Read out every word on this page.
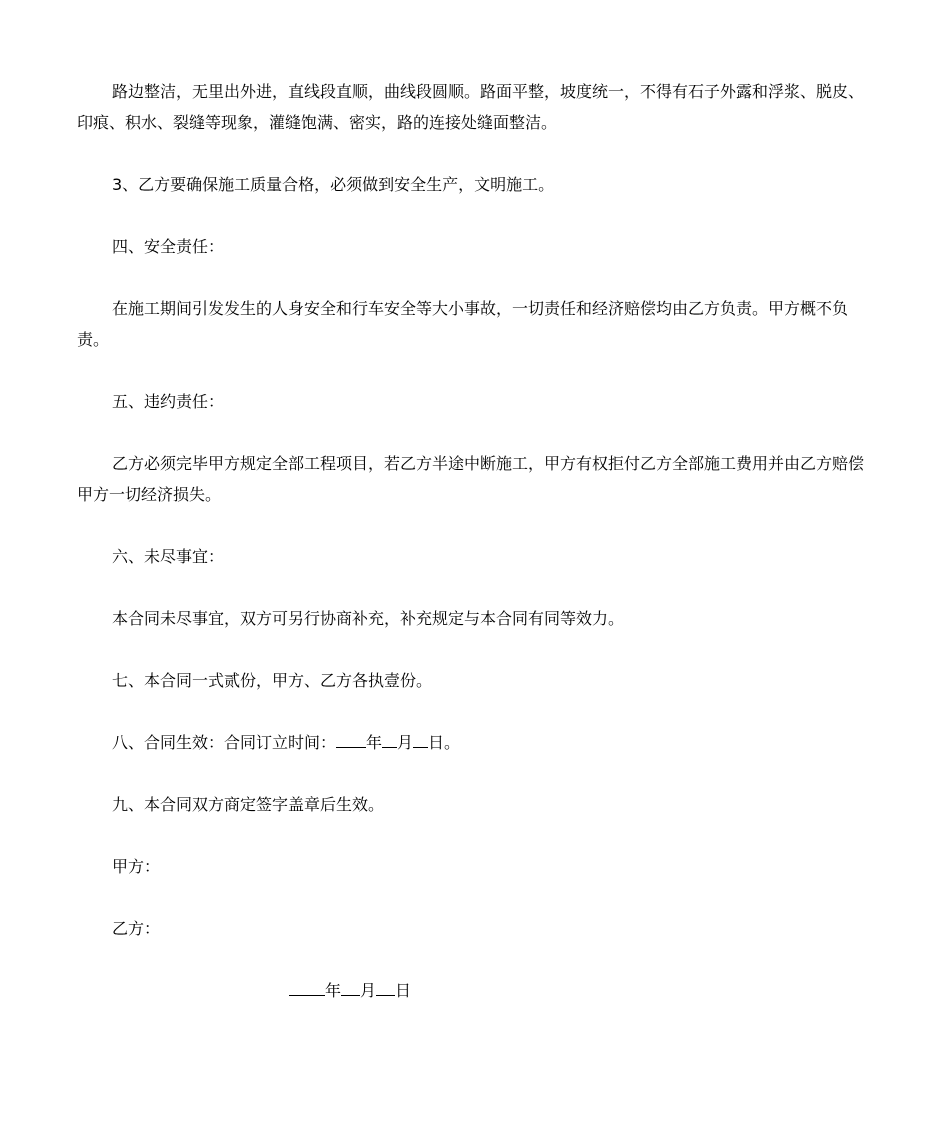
路边整洁，无里出外进，直线段直顺，曲线段圆顺。路面平整，坡度统一，不得有石子外露和浮浆、脱皮、印痕、积水、裂缝等现象，灌缝饱满、密实，路的连接处缝面整洁。

3、乙方要确保施工质量合格，必须做到安全生产，文明施工。

四、安全责任：

在施工期间引发发生的人身安全和行车安全等大小事故，一切责任和经济赔偿均由乙方负责。甲方概不负责。

五、违约责任：

乙方必须完毕甲方规定全部工程项目，若乙方半途中断施工，甲方有权拒付乙方全部施工费用并由乙方赔偿甲方一切经济损失。

六、未尽事宜：

本合同未尽事宜，双方可另行协商补充，补充规定与本合同有同等效力。

七、本合同一式贰份，甲方、乙方各执壹份。

八、合同生效：合同订立时间： 年 月 日。

九、本合同双方商定签字盖章后生效。

甲方：

乙方：

年 月 日
